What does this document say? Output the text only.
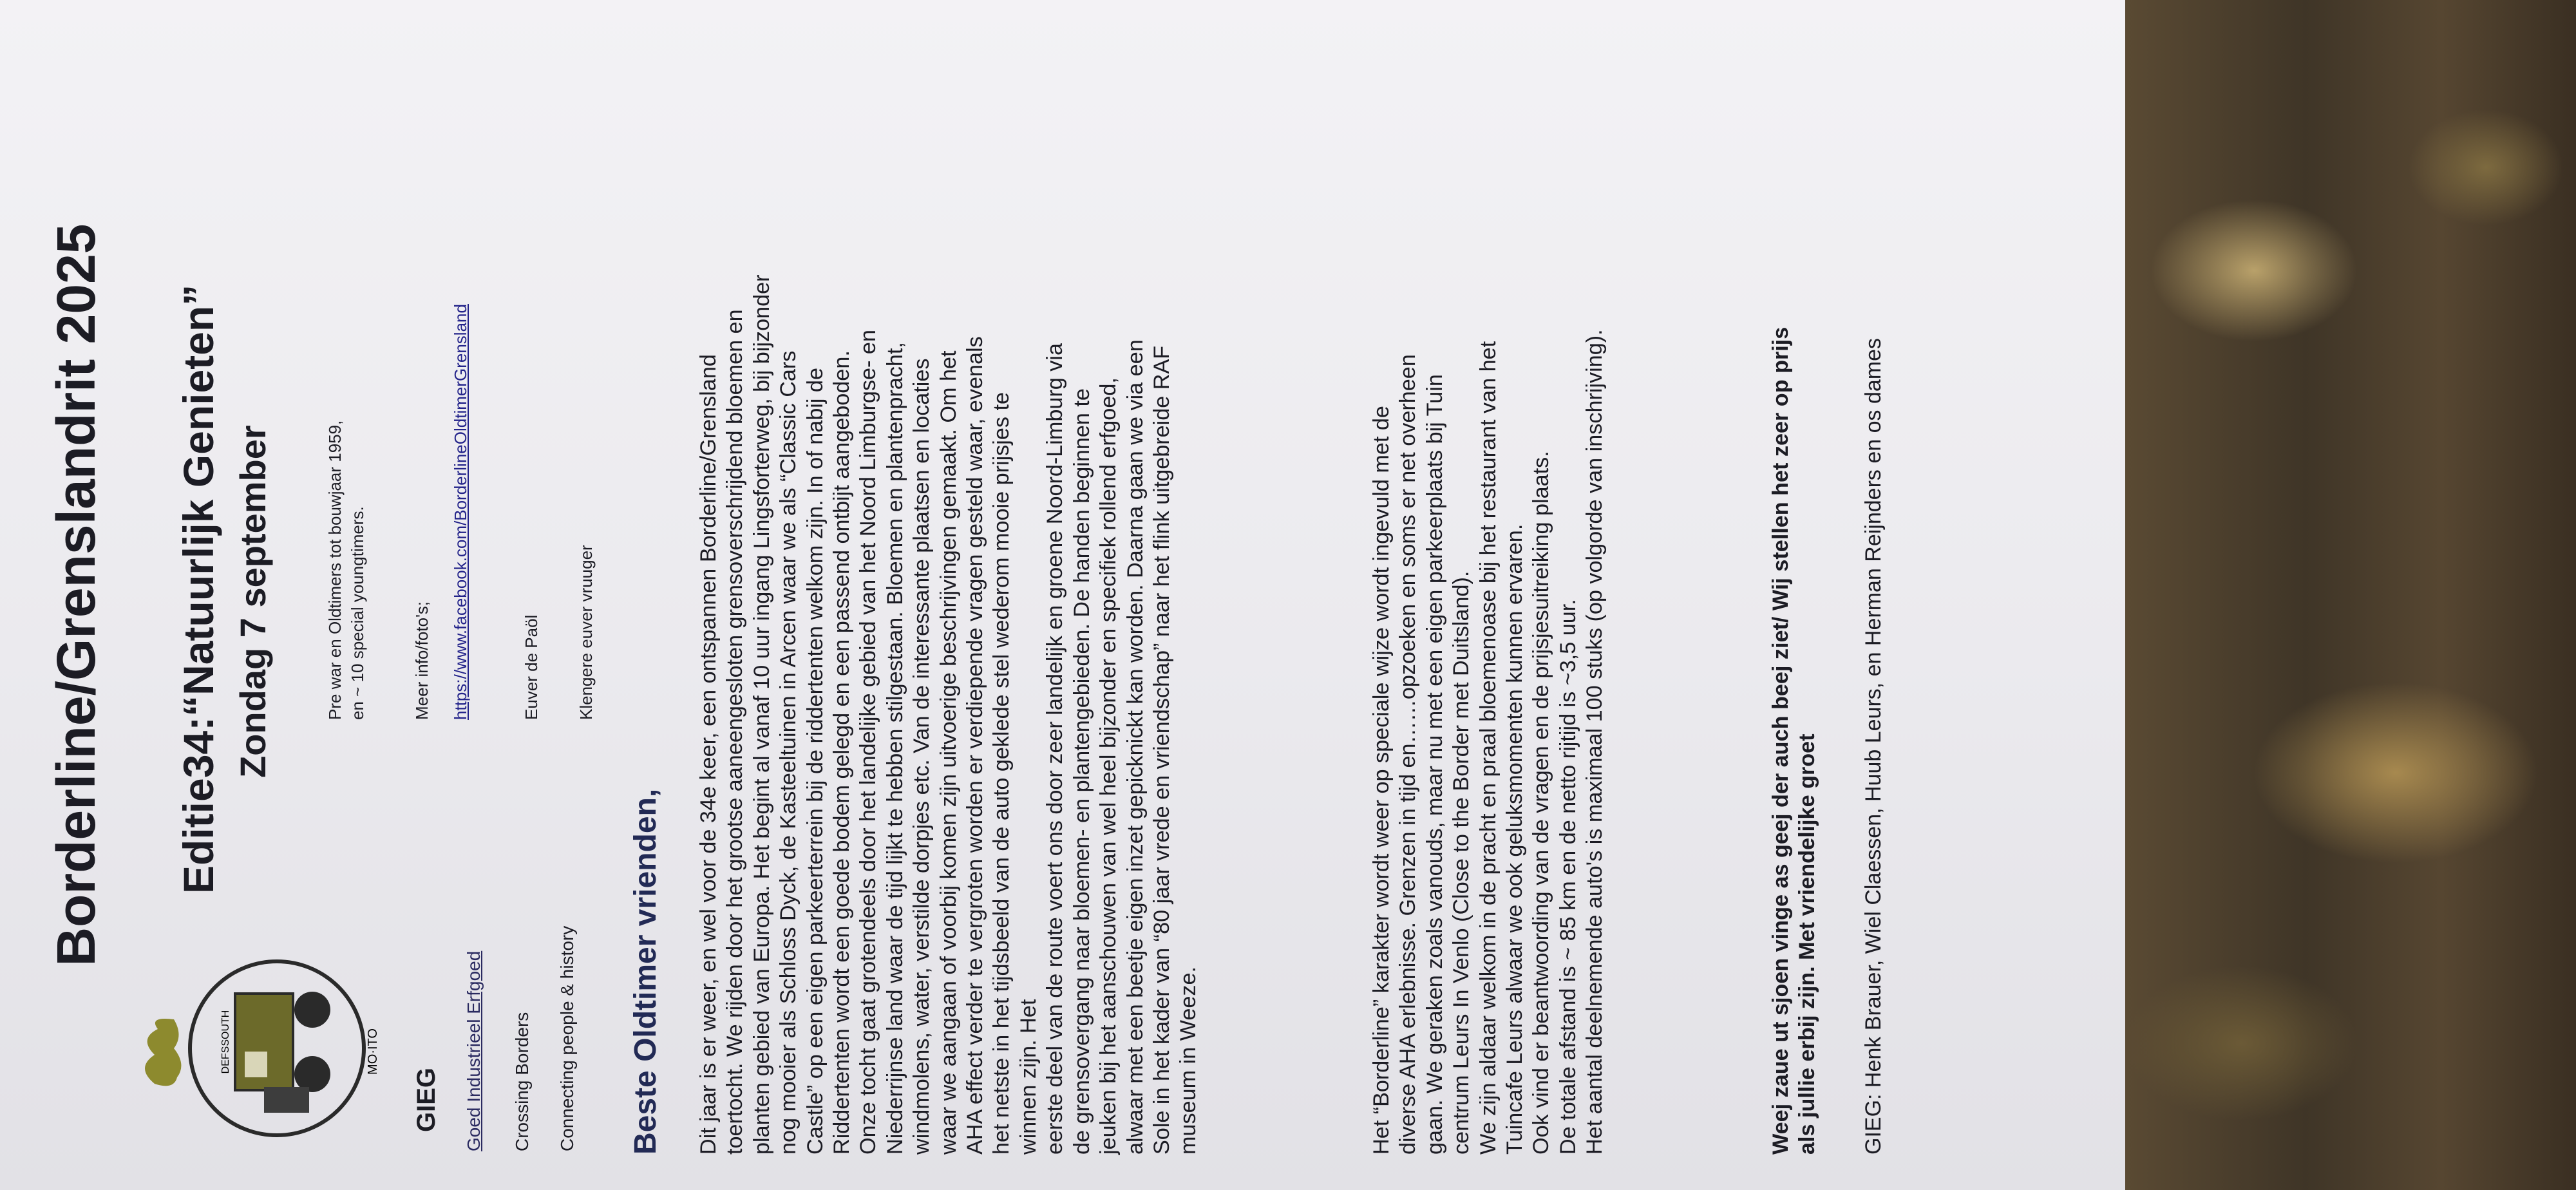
Borderline/Grenslandrit 2025
MO·ITO
DEFSSOUTH
Editie34:“Natuurlijk Genieten” Zondag 7 september
GIEG Goed Industrieel Erfgoed Crossing Borders Connecting people & history
Pre war en Oldtimers tot bouwjaar 1959, en ~ 10 special youngtimers.	Meer info/foto's; https://www.facebook.com/BorderlineOldtimerGrensland	Euver de Paöl Klengere euver vruuger
Beste Oldtimer vrienden, Dit jaar is er weer, en wel voor de 34e keer, een ontspannen Borderline/Grensland toertocht. We rijden door het grootse aaneengesloten grensoverschrijdend bloemen en planten gebied van Europa. Het begint al vanaf 10 uur ingang Lingsforterweg, bij bijzonder nog mooier als Schloss Dyck, de Kasteeltuinen in Arcen waar we als “Classic Cars Castle” op een eigen parkeerterrein bij de riddertenten welkom zijn. In of nabij de Riddertenten wordt een goede bodem gelegd en een passend ontbijt aangeboden. Onze tocht gaat grotendeels door het landelijke gebied van het Noord Limburgse- en Niederrijnse land waar de tijd lijkt te hebben stilgestaan. Bloemen en plantenpracht, windmolens, water, verstilde dorpjes etc. Van de interessante plaatsen en locaties waar we aangaan of voorbij komen zijn uitvoerige beschrijvingen gemaakt. Om het AHA effect verder te vergroten worden er verdiepende vragen gesteld waar, evenals het netste in het tijdsbeeld van de auto geklede stel wederom mooie prijsjes te winnen zijn. Het eerste deel van de route voert ons door zeer landelijk en groene Noord-Limburg via de grensovergang naar bloemen- en plantengebieden. De handen beginnen te jeuken bij het aanschouwen van wel heel bijzonder en specifiek rollend erfgoed, alwaar met een beetje eigen inzet gepicknickt kan worden. Daarna gaan we via een Sole in het kader van “80 jaar vrede en vriendschap” naar het flink uitgebreide RAF museum in Weeze.	Het “Borderline” karakter wordt weer op speciale wijze wordt ingevuld met de diverse AHA erlebnisse. Grenzen in tijd en……opzoeken en soms er net overheen gaan. We geraken zoals vanouds, maar nu met een eigen parkeerplaats bij Tuin centrum Leurs In Venlo (Close to the Border met Duitsland). We zijn aldaar welkom in de pracht en praal bloemenoase bij het restaurant van het Tuincafe Leurs alwaar we ook geluksmomenten kunnen ervaren. Ook vind er beantwoording van de vragen en de prijsjesuitreiking plaats. De totale afstand is ~ 85 km en de netto rijtijd is ~3,5 uur. Het aantal deelnemende auto's is maximaal 100 stuks (op volgorde van inschrijving).	Weej zaue ut sjoen vinge as geej der auch beej ziet/ Wij stellen het zeer op prijs als jullie erbij zijn. Met vriendelijke groet GIEG: Henk Brauer, Wiel Claessen, Huub Leurs, en Herman Reijnders en os dames
